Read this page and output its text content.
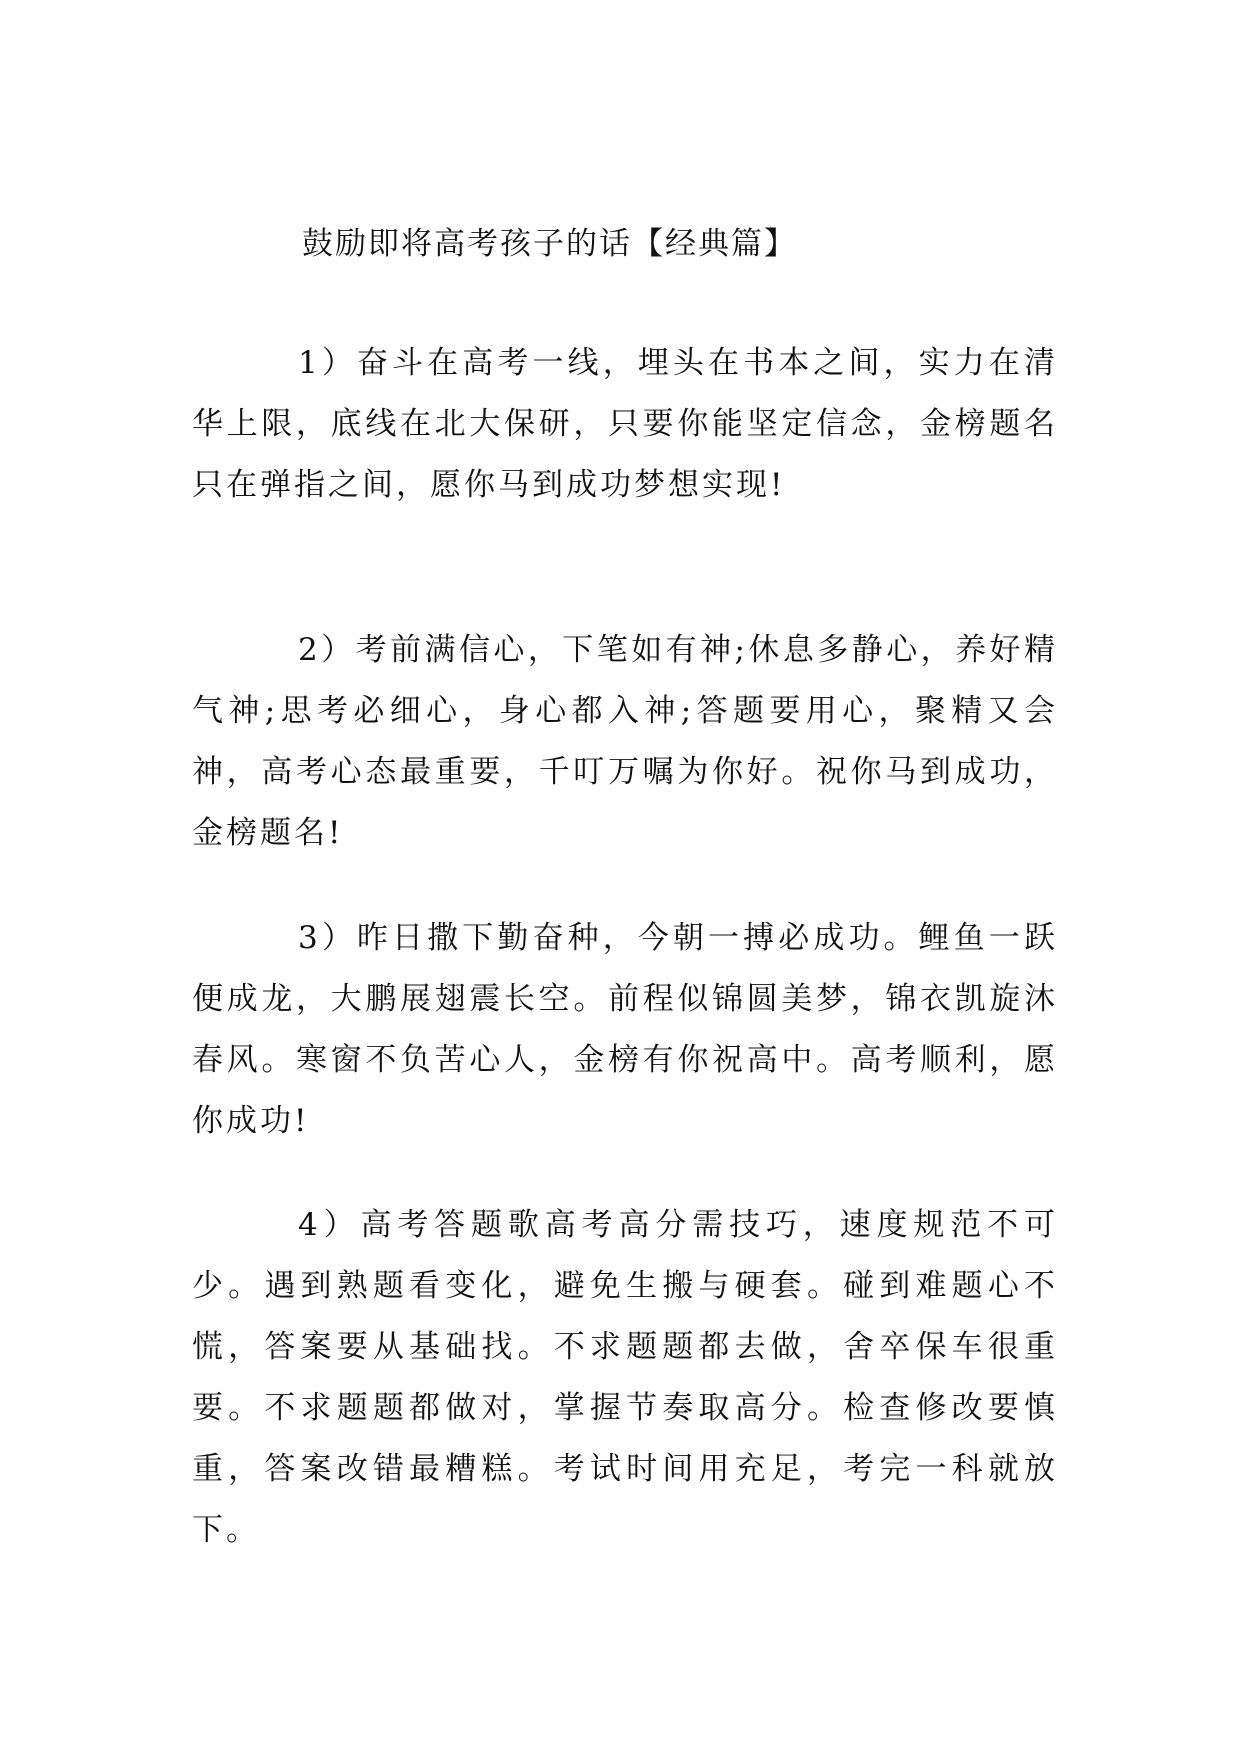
鼓励即将高考孩子的话【经典篇】

1）奋斗在高考一线，埋头在书本之间，实力在清华上限，底线在北大保研，只要你能坚定信念，金榜题名只在弹指之间，愿你马到成功梦想实现!

2）考前满信心，下笔如有神;休息多静心，养好精气神;思考必细心，身心都入神;答题要用心，聚精又会神，高考心态最重要，千叮万嘱为你好。祝你马到成功，金榜题名!

3）昨日撒下勤奋种，今朝一搏必成功。鲤鱼一跃便成龙，大鹏展翅震长空。前程似锦圆美梦，锦衣凯旋沐春风。寒窗不负苦心人，金榜有你祝高中。高考顺利，愿你成功!

4）高考答题歌高考高分需技巧，速度规范不可少。遇到熟题看变化，避免生搬与硬套。碰到难题心不慌，答案要从基础找。不求题题都去做，舍卒保车很重要。不求题题都做对，掌握节奏取高分。检查修改要慎重，答案改错最糟糕。考试时间用充足，考完一科就放下。
